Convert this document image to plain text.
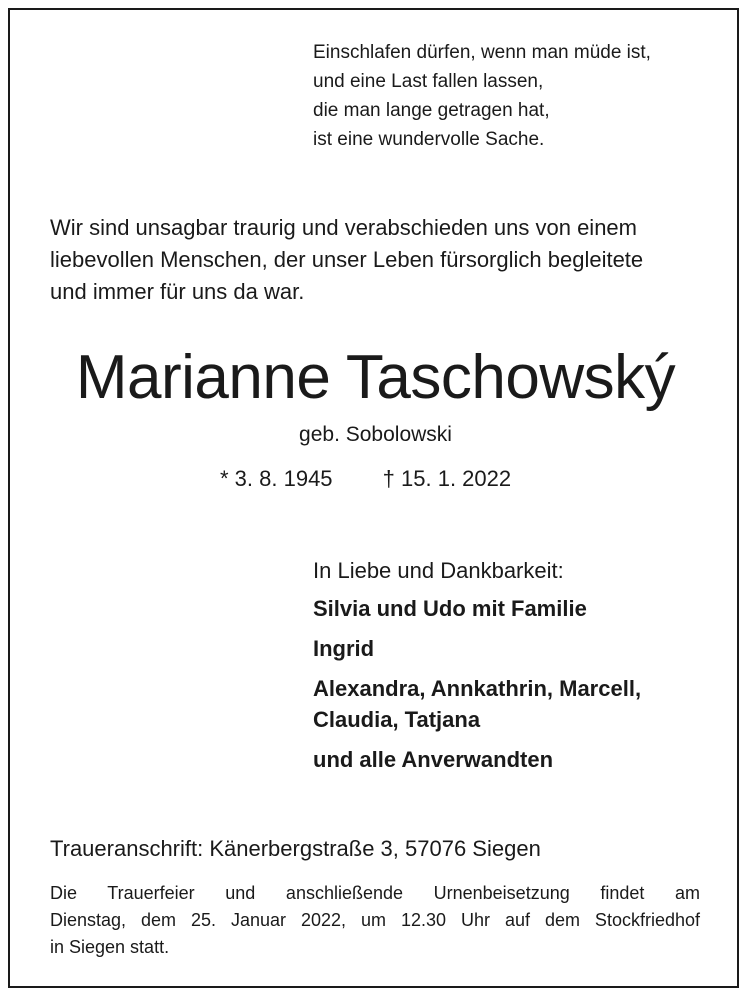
Einschlafen dürfen, wenn man müde ist,
und eine Last fallen lassen,
die man lange getragen hat,
ist eine wundervolle Sache.
Wir sind unsagbar traurig und verabschieden uns von einem
liebevollen Menschen, der unser Leben fürsorglich begleitete
und immer für uns da war.
Marianne Taschowský
geb. Sobolowski
* 3. 8. 1945 † 15. 1. 2022
In Liebe und Dankbarkeit:
Silvia und Udo mit Familie
Ingrid
Alexandra, Annkathrin, Marcell,
Claudia, Tatjana
und alle Anverwandten
Traueranschrift: Känerbergstraße 3, 57076 Siegen
Die Trauerfeier und anschließende Urnenbeisetzung findet am
Dienstag, dem 25. Januar 2022, um 12.30 Uhr auf dem Stockfriedhof
in Siegen statt.
